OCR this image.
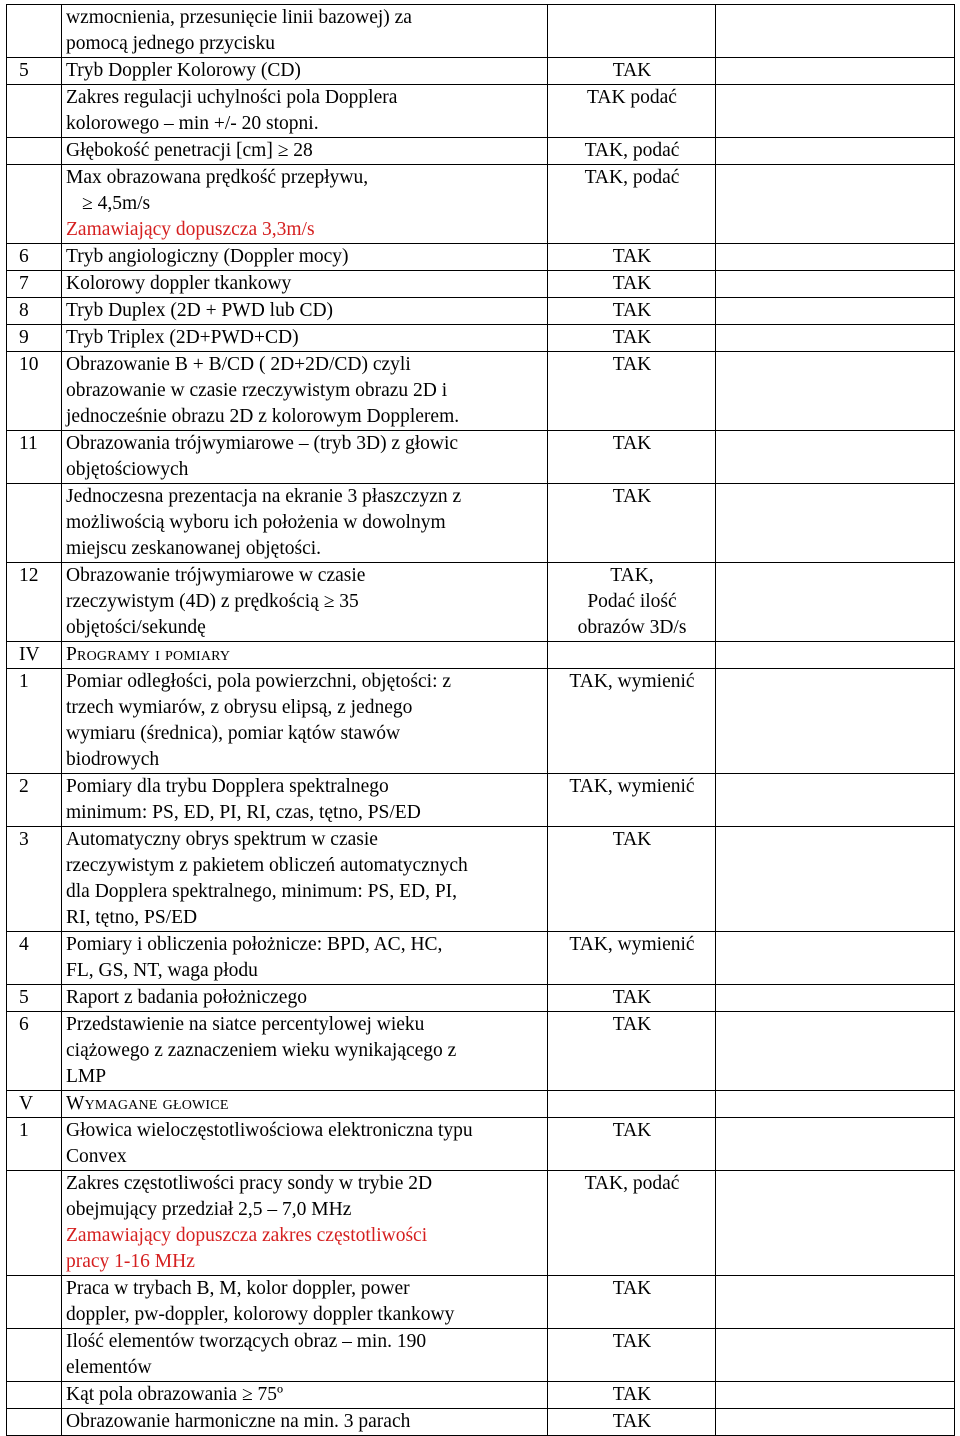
	wzmocnienia, przesunięcie linii bazowej) za
pomocą jednego przycisku		

5	Tryb Doppler Kolorowy (CD)	TAK	

	Zakres regulacji uchylności pola Dopplera
kolorowego – min +/- 20 stopni.	TAK podać	

	Głębokość penetracji [cm] ≥ 28	TAK, podać	

	Max obrazowana prędkość przepływu,
≥ 4,5m/s
Zamawiający dopuszcza 3,3m/s	TAK, podać	

6	Tryb angiologiczny (Doppler mocy)	TAK	

7	Kolorowy doppler tkankowy	TAK	

8	Tryb Duplex (2D + PWD lub CD)	TAK	

9	Tryb Triplex (2D+PWD+CD)	TAK	

10	Obrazowanie B + B/CD ( 2D+2D/CD) czyli
obrazowanie w czasie rzeczywistym obrazu 2D i
jednocześnie obrazu 2D z kolorowym Dopplerem.	TAK	

11	Obrazowania trójwymiarowe – (tryb 3D) z głowic
objętościowych	TAK	

	Jednoczesna prezentacja na ekranie 3 płaszczyzn z
możliwością wyboru ich położenia w dowolnym
miejscu zeskanowanej objętości.	TAK	

12	Obrazowanie trójwymiarowe w czasie
rzeczywistym (4D) z prędkością ≥ 35
objętości/sekundę	TAK,
Podać ilość
obrazów 3D/s	

IV	Programy i pomiary		

1	Pomiar odległości, pola powierzchni, objętości: z
trzech wymiarów, z obrysu elipsą, z jednego
wymiaru (średnica), pomiar kątów stawów
biodrowych	TAK, wymienić	

2	Pomiary dla trybu Dopplera spektralnego
minimum: PS, ED, PI, RI, czas, tętno, PS/ED	TAK, wymienić	

3	Automatyczny obrys spektrum w czasie
rzeczywistym z pakietem obliczeń automatycznych
dla Dopplera spektralnego, minimum: PS, ED, PI,
RI, tętno, PS/ED	TAK	

4	Pomiary i obliczenia położnicze: BPD, AC, HC,
FL, GS, NT, waga płodu	TAK, wymienić	

5	Raport z badania położniczego	TAK	

6	Przedstawienie na siatce percentylowej wieku
ciążowego z zaznaczeniem wieku wynikającego z
LMP	TAK	

V	Wymagane głowice		

1	Głowica wieloczęstotliwościowa elektroniczna typu
Convex	TAK	

	Zakres częstotliwości pracy sondy w trybie 2D
obejmujący przedział 2,5 – 7,0 MHz
Zamawiający dopuszcza zakres częstotliwości
pracy 1-16 MHz	TAK, podać	

	Praca w trybach B, M, kolor doppler, power
doppler, pw-doppler, kolorowy doppler tkankowy	TAK	

	Ilość elementów tworzących obraz – min. 190
elementów	TAK	

	Kąt pola obrazowania ≥ 75º	TAK	

	Obrazowanie harmoniczne na min. 3 parach	TAK	
